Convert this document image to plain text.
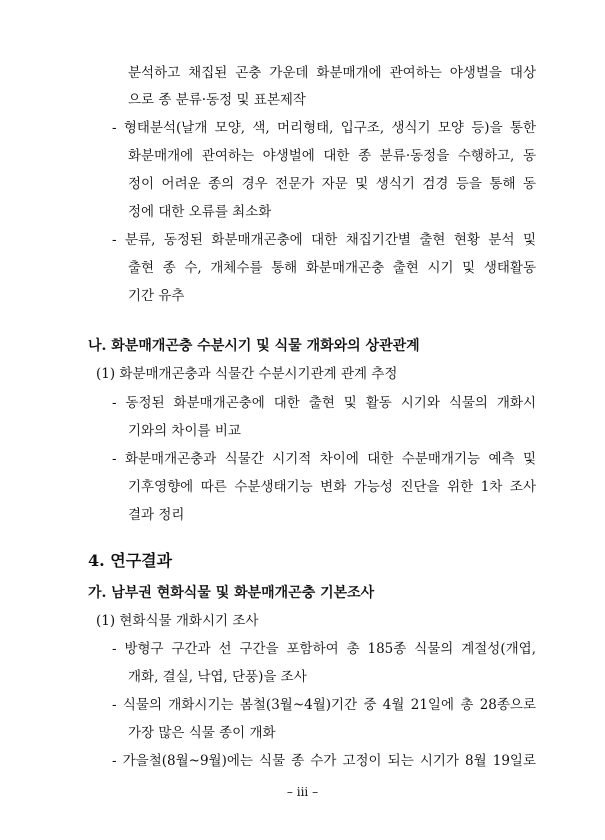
분석하고 채집된 곤충 가운데 화분매개에 관여하는 야생벌을 대상
으로 종 분류·동정 및 표본제작
- 형태분석(날개 모양, 색, 머리형태, 입구조, 생식기 모양 등)을 통한
화분매개에 관여하는 야생벌에 대한 종 분류·동정을 수행하고, 동
정이 어려운 종의 경우 전문가 자문 및 생식기 검경 등을 통해 동
정에 대한 오류를 최소화
- 분류, 동정된 화분매개곤충에 대한 채집기간별 출현 현황 분석 및
출현 종 수, 개체수를 통해 화분매개곤충 출현 시기 및 생태활동
기간 유추
나. 화분매개곤충 수분시기 및 식물 개화와의 상관관계
(1) 화분매개곤충과 식물간 수분시기관계 관계 추정
- 동정된 화분매개곤충에 대한 출현 및 활동 시기와 식물의 개화시
기와의 차이를 비교
- 화분매개곤충과 식물간 시기적 차이에 대한 수분매개기능 예측 및
기후영향에 따른 수분생태기능 변화 가능성 진단을 위한 1차 조사
결과 정리
4. 연구결과
가. 남부권 현화식물 및 화분매개곤충 기본조사
(1) 현화식물 개화시기 조사
- 방형구 구간과 선 구간을 포함하여 총 185종 식물의 계절성(개엽,
개화, 결실, 낙엽, 단풍)을 조사
- 식물의 개화시기는 봄철(3월~4월)기간 중 4월 21일에 총 28종으로
가장 많은 식물 종이 개화
- 가을철(8월~9월)에는 식물 종 수가 고정이 되는 시기가 8월 19일로
– iii –
